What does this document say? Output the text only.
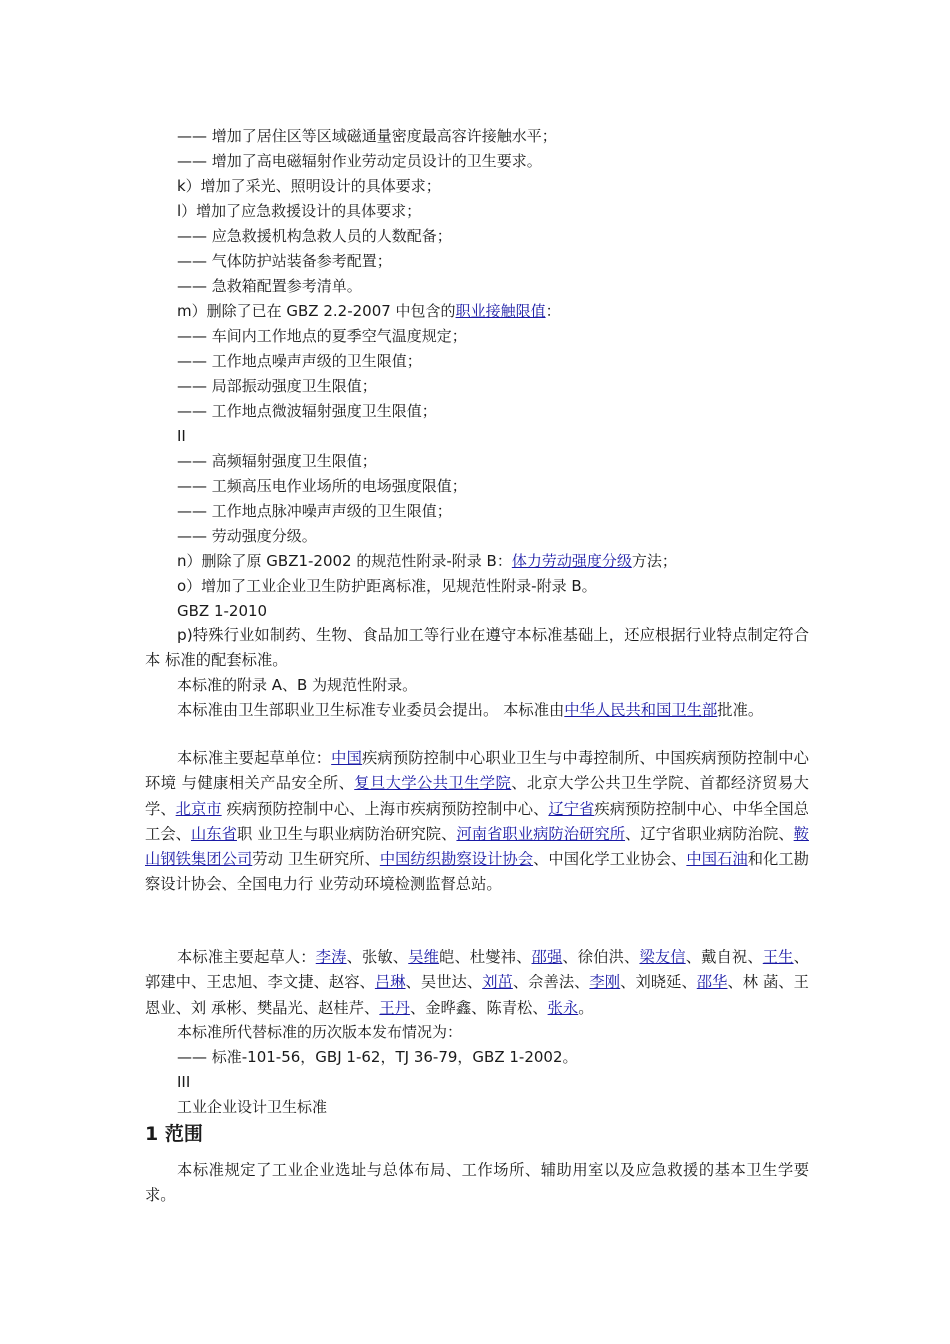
—— 增加了居住区等区域磁通量密度最高容许接触水平；
—— 增加了高电磁辐射作业劳动定员设计的卫生要求。
k）增加了采光、照明设计的具体要求；
l）增加了应急救援设计的具体要求；
—— 应急救援机构急救人员的人数配备；
—— 气体防护站装备参考配置；
—— 急救箱配置参考清单。
m）删除了已在 GBZ 2.2-2007 中包含的职业接触限值：
—— 车间内工作地点的夏季空气温度规定；
—— 工作地点噪声声级的卫生限值；
—— 局部振动强度卫生限值；
—— 工作地点微波辐射强度卫生限值；
II
—— 高频辐射强度卫生限值；
—— 工频高压电作业场所的电场强度限值；
—— 工作地点脉冲噪声声级的卫生限值；
—— 劳动强度分级。
n）删除了原 GBZ1-2002 的规范性附录-附录 B：体力劳动强度分级方法；
o）增加了工业企业卫生防护距离标准，见规范性附录-附录 B。
GBZ 1-2010
p)特殊行业如制药、生物、食品加工等行业在遵守本标准基础上，还应根据行业特点制定符合本 标准的配套标准。
本标准的附录 A、B 为规范性附录。
本标准由卫生部职业卫生标准专业委员会提出。 本标准由中华人民共和国卫生部批准。
本标准主要起草单位：中国疾病预防控制中心职业卫生与中毒控制所、中国疾病预防控制中心环境 与健康相关产品安全所、复旦大学公共卫生学院、北京大学公共卫生学院、首都经济贸易大学、北京市 疾病预防控制中心、上海市疾病预防控制中心、辽宁省疾病预防控制中心、中华全国总工会、山东省职 业卫生与职业病防治研究院、河南省职业病防治研究所、辽宁省职业病防治院、鞍山钢铁集团公司劳动 卫生研究所、中国纺织勘察设计协会、中国化学工业协会、中国石油和化工勘察设计协会、全国电力行 业劳动环境检测监督总站。
本标准主要起草人：李涛、张敏、吴维皑、杜燮祎、邵强、徐伯洪、梁友信、戴自祝、王生、郭建中、王忠旭、李文捷、赵容、吕琳、吴世达、刘茁、佘善法、李刚、刘晓延、邵华、林 菡、王恩业、刘 承彬、樊晶光、赵桂芹、王丹、金晔鑫、陈青松、张永。
本标准所代替标准的历次版本发布情况为：
—— 标准-101-56，GBJ 1-62，TJ 36-79，GBZ 1-2002。
III
工业企业设计卫生标准
1 范围
本标准规定了工业企业选址与总体布局、工作场所、辅助用室以及应急救援的基本卫生学要求。
